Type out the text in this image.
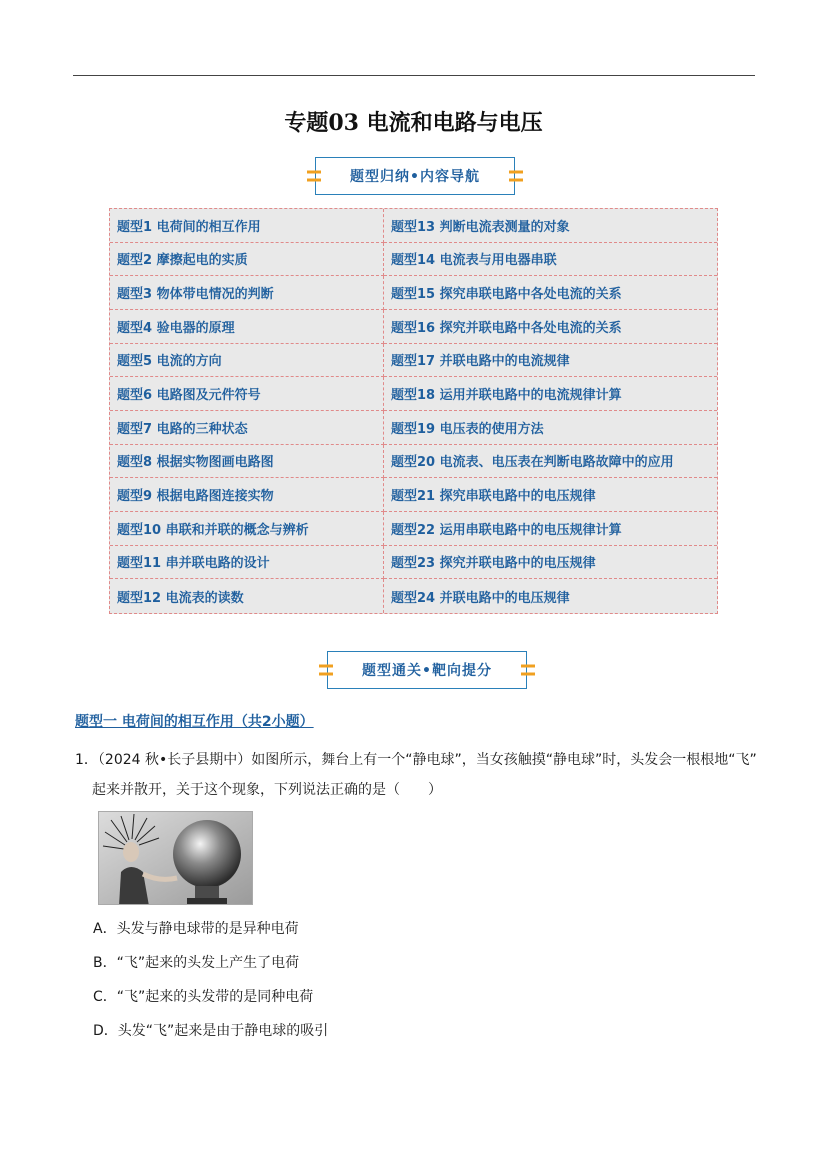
专题03 电流和电路与电压
题型归纳•内容导航
题型1 电荷间的相互作用	题型13 判断电流表测量的对象
题型2 摩擦起电的实质	题型14 电流表与用电器串联
题型3 物体带电情况的判断	题型15 探究串联电路中各处电流的关系
题型4 验电器的原理	题型16 探究并联电路中各处电流的关系
题型5 电流的方向	题型17 并联电路中的电流规律
题型6 电路图及元件符号	题型18 运用并联电路中的电流规律计算
题型7 电路的三种状态	题型19 电压表的使用方法
题型8 根据实物图画电路图	题型20 电流表、电压表在判断电路故障中的应用
题型9 根据电路图连接实物	题型21 探究串联电路中的电压规律
题型10 串联和并联的概念与辨析	题型22 运用串联电路中的电压规律计算
题型11 串并联电路的设计	题型23 探究并联电路中的电压规律
题型12 电流表的读数	题型24 并联电路中的电压规律
题型通关•靶向提分
题型一 电荷间的相互作用（共2小题）
1．（2024 秋•长子县期中）如图所示，舞台上有一个“静电球”，当女孩触摸“静电球”时，头发会一根根地“飞”
起来并散开，关于这个现象，下列说法正确的是（　　）
A．头发与静电球带的是异种电荷
B．“飞”起来的头发上产生了电荷
C．“飞”起来的头发带的是同种电荷
D．头发“飞”起来是由于静电球的吸引
